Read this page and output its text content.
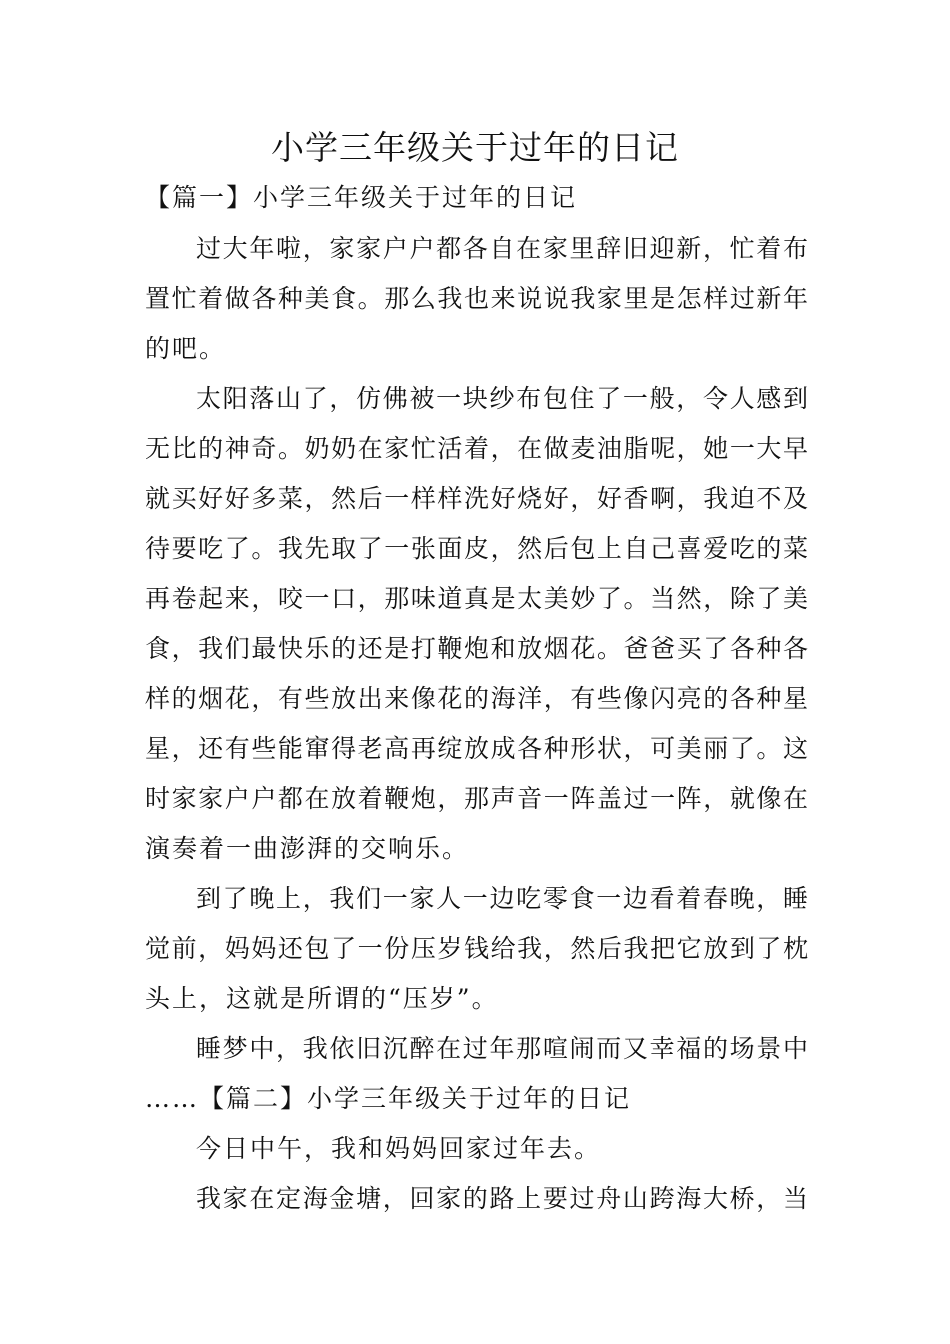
小学三年级关于过年的日记

【篇一】小学三年级关于过年的日记

过大年啦，家家户户都各自在家里辞旧迎新，忙着布

置忙着做各种美食。那么我也来说说我家里是怎样过新年

的吧。

太阳落山了，仿佛被一块纱布包住了一般，令人感到

无比的神奇。奶奶在家忙活着，在做麦油脂呢，她一大早

就买好好多菜，然后一样样洗好烧好，好香啊，我迫不及

待要吃了。我先取了一张面皮，然后包上自己喜爱吃的菜

再卷起来，咬一口，那味道真是太美妙了。当然，除了美

食，我们最快乐的还是打鞭炮和放烟花。爸爸买了各种各

样的烟花，有些放出来像花的海洋，有些像闪亮的各种星

星，还有些能窜得老高再绽放成各种形状，可美丽了。这

时家家户户都在放着鞭炮，那声音一阵盖过一阵，就像在

演奏着一曲澎湃的交响乐。

到了晚上，我们一家人一边吃零食一边看着春晚，睡

觉前，妈妈还包了一份压岁钱给我，然后我把它放到了枕

头上，这就是所谓的“压岁”。

睡梦中，我依旧沉醉在过年那喧闹而又幸福的场景中

……【篇二】小学三年级关于过年的日记

今日中午，我和妈妈回家过年去。

我家在定海金塘，回家的路上要过舟山跨海大桥，当
